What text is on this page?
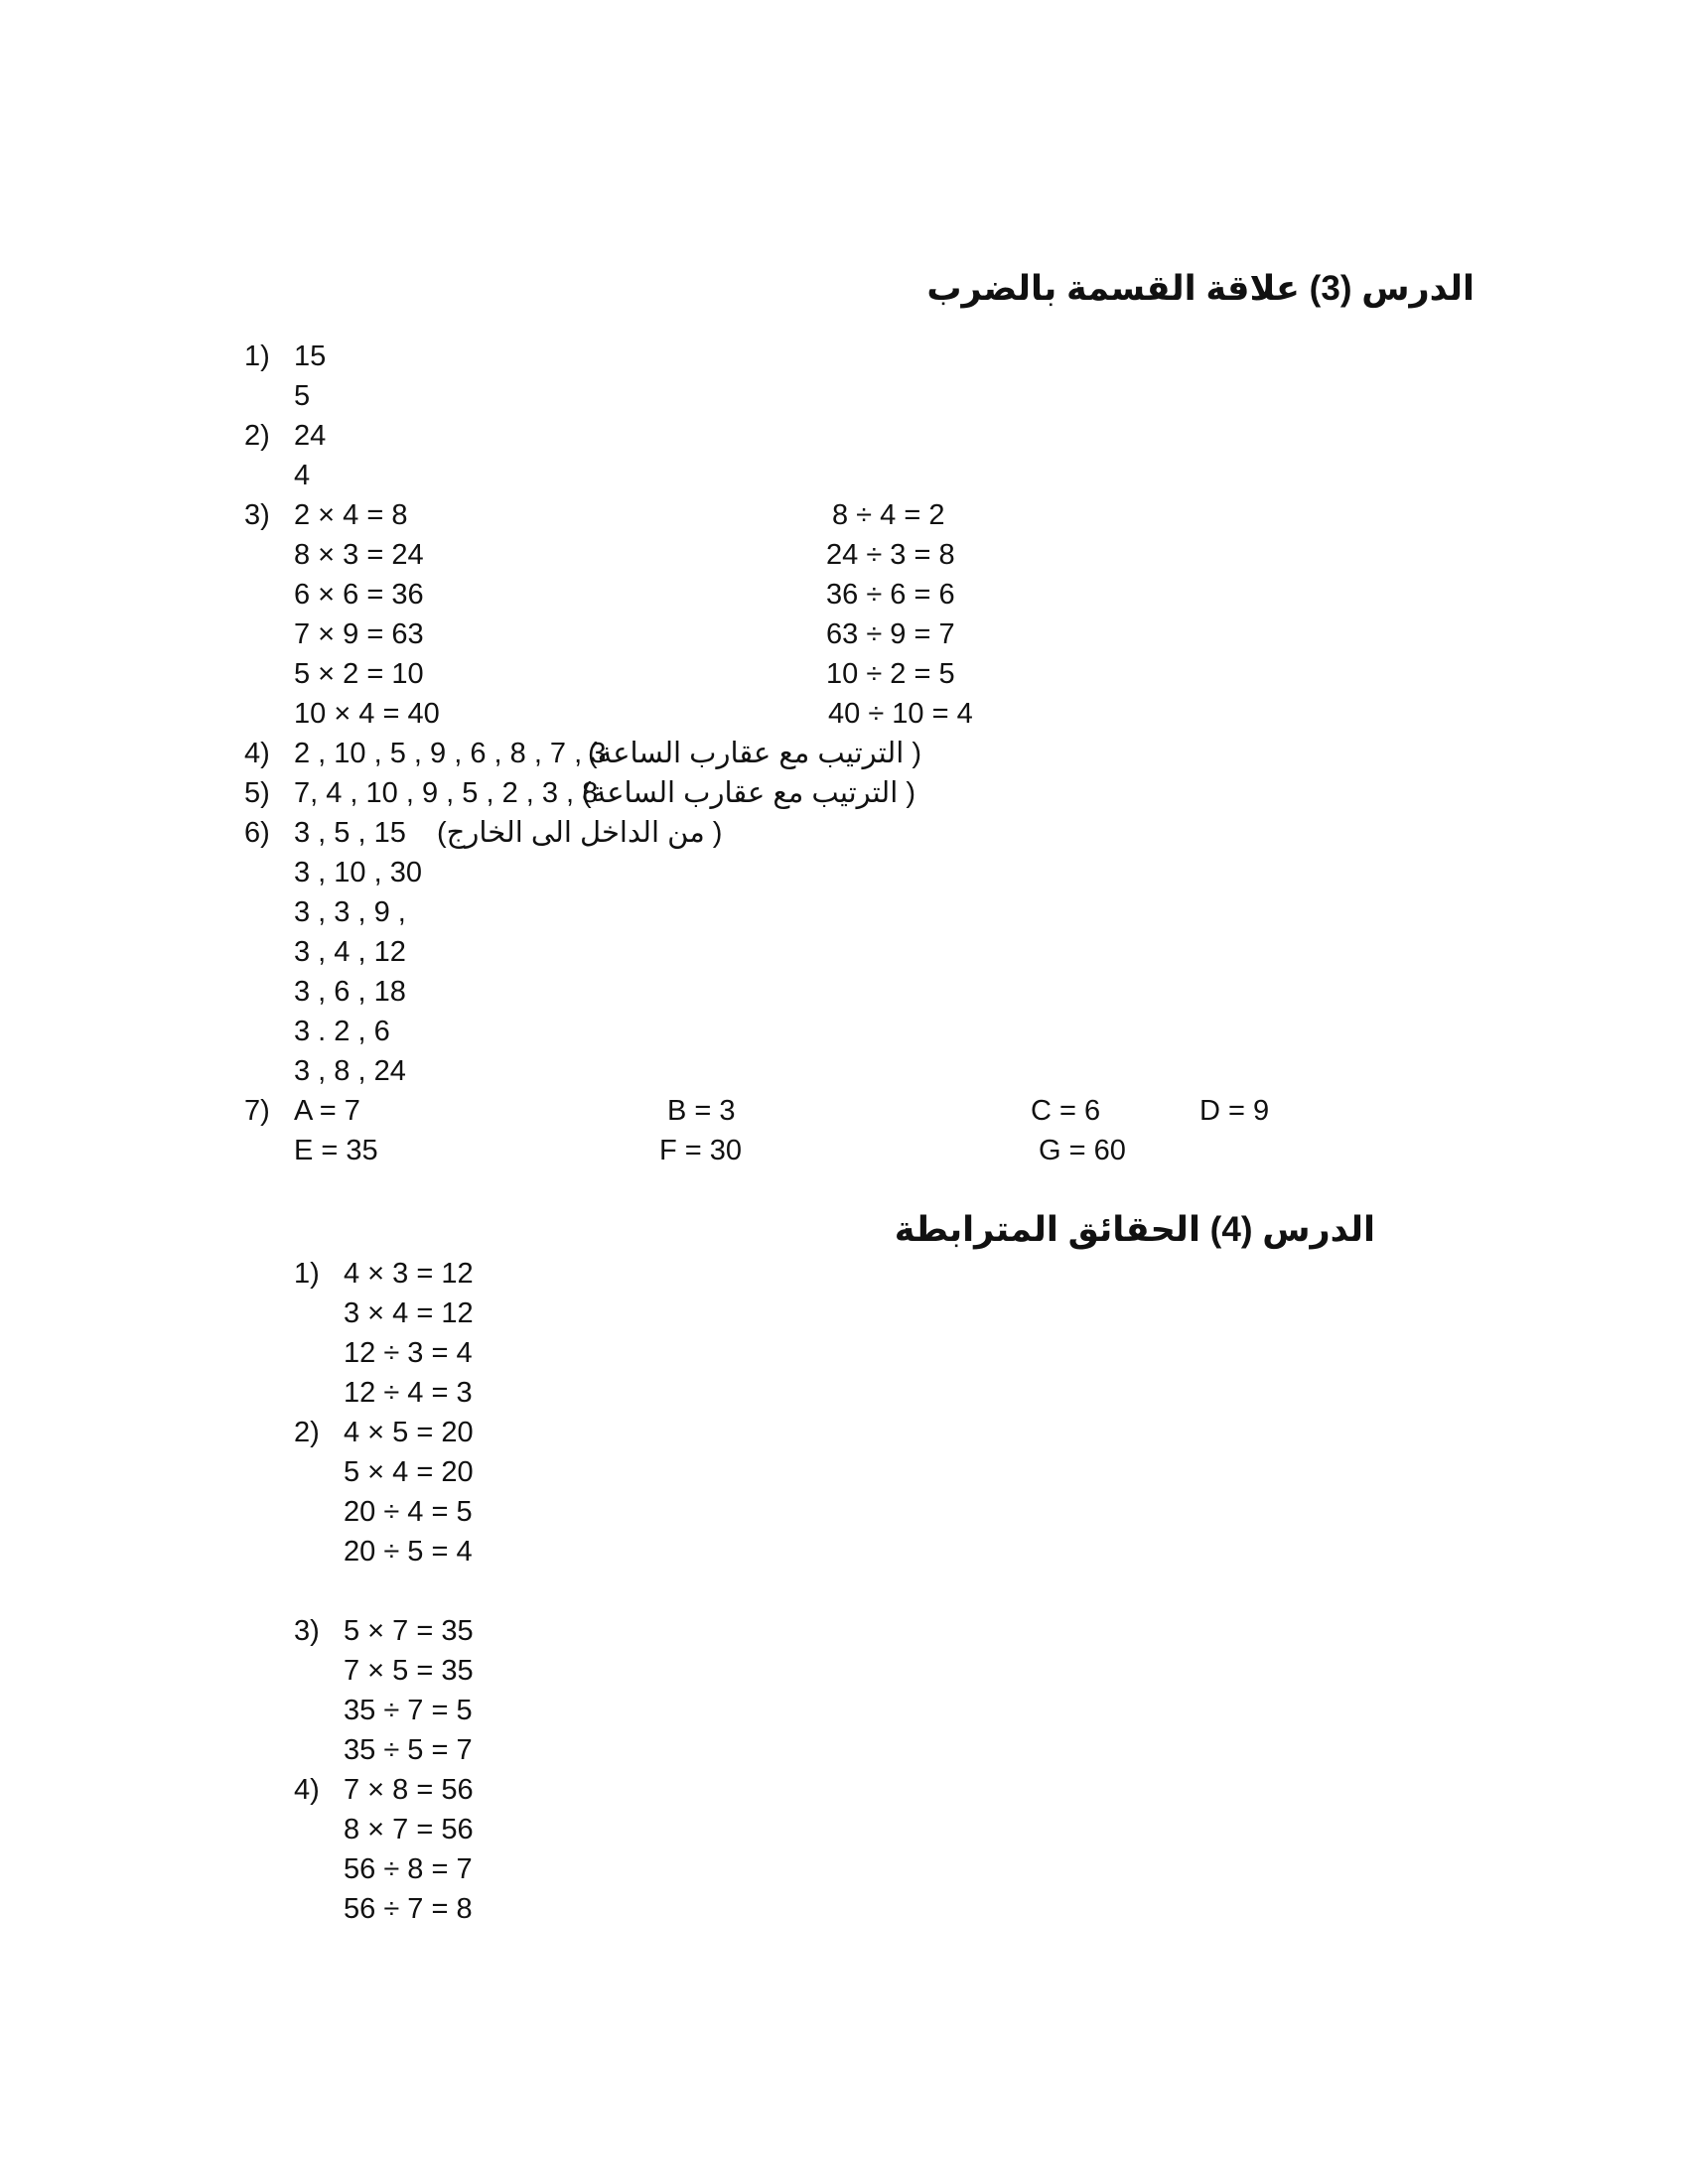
الدرس (3) علاقة القسمة بالضرب
1) 15
5
2) 24
4
3) 2 × 4 = 8	8 ÷ 4 = 2
8 × 3 = 24	24 ÷ 3 = 8
6 × 6 = 36	36 ÷ 6 = 6
7 × 9 = 63	63 ÷ 9 = 7
5 × 2 = 10	10 ÷ 2 = 5
10 × 4 = 40	40 ÷ 10 = 4
4) 2 , 10 , 5 , 9 , 6 , 8 , 7 , 3
( الترتيب مع عقارب الساعة)
5) 7, 4 , 10 , 9 , 5 , 2 , 3 , 8
( الترتيب مع عقارب الساعة)
6) 3 , 5 , 15 ( من الداخل الى الخارج)
3 , 10 , 30
3 , 3 , 9 ,
3 , 4 , 12
3 , 6 , 18
3 . 2 , 6
3 , 8 , 24
7) A = 7	B = 3	C = 6	D = 9
E = 35	F = 30	G = 60
الدرس (4) الحقائق المترابطة
1) 4 × 3 = 12
3 × 4 = 12
12 ÷ 3 = 4
12 ÷ 4 = 3
2) 4 × 5 = 20
5 × 4 = 20
20 ÷ 4 = 5
20 ÷ 5 = 4
3) 5 × 7 = 35
7 × 5 = 35
35 ÷ 7 = 5
35 ÷ 5 = 7
4) 7 × 8 = 56
8 × 7 = 56
56 ÷ 8 = 7
56 ÷ 7 = 8
